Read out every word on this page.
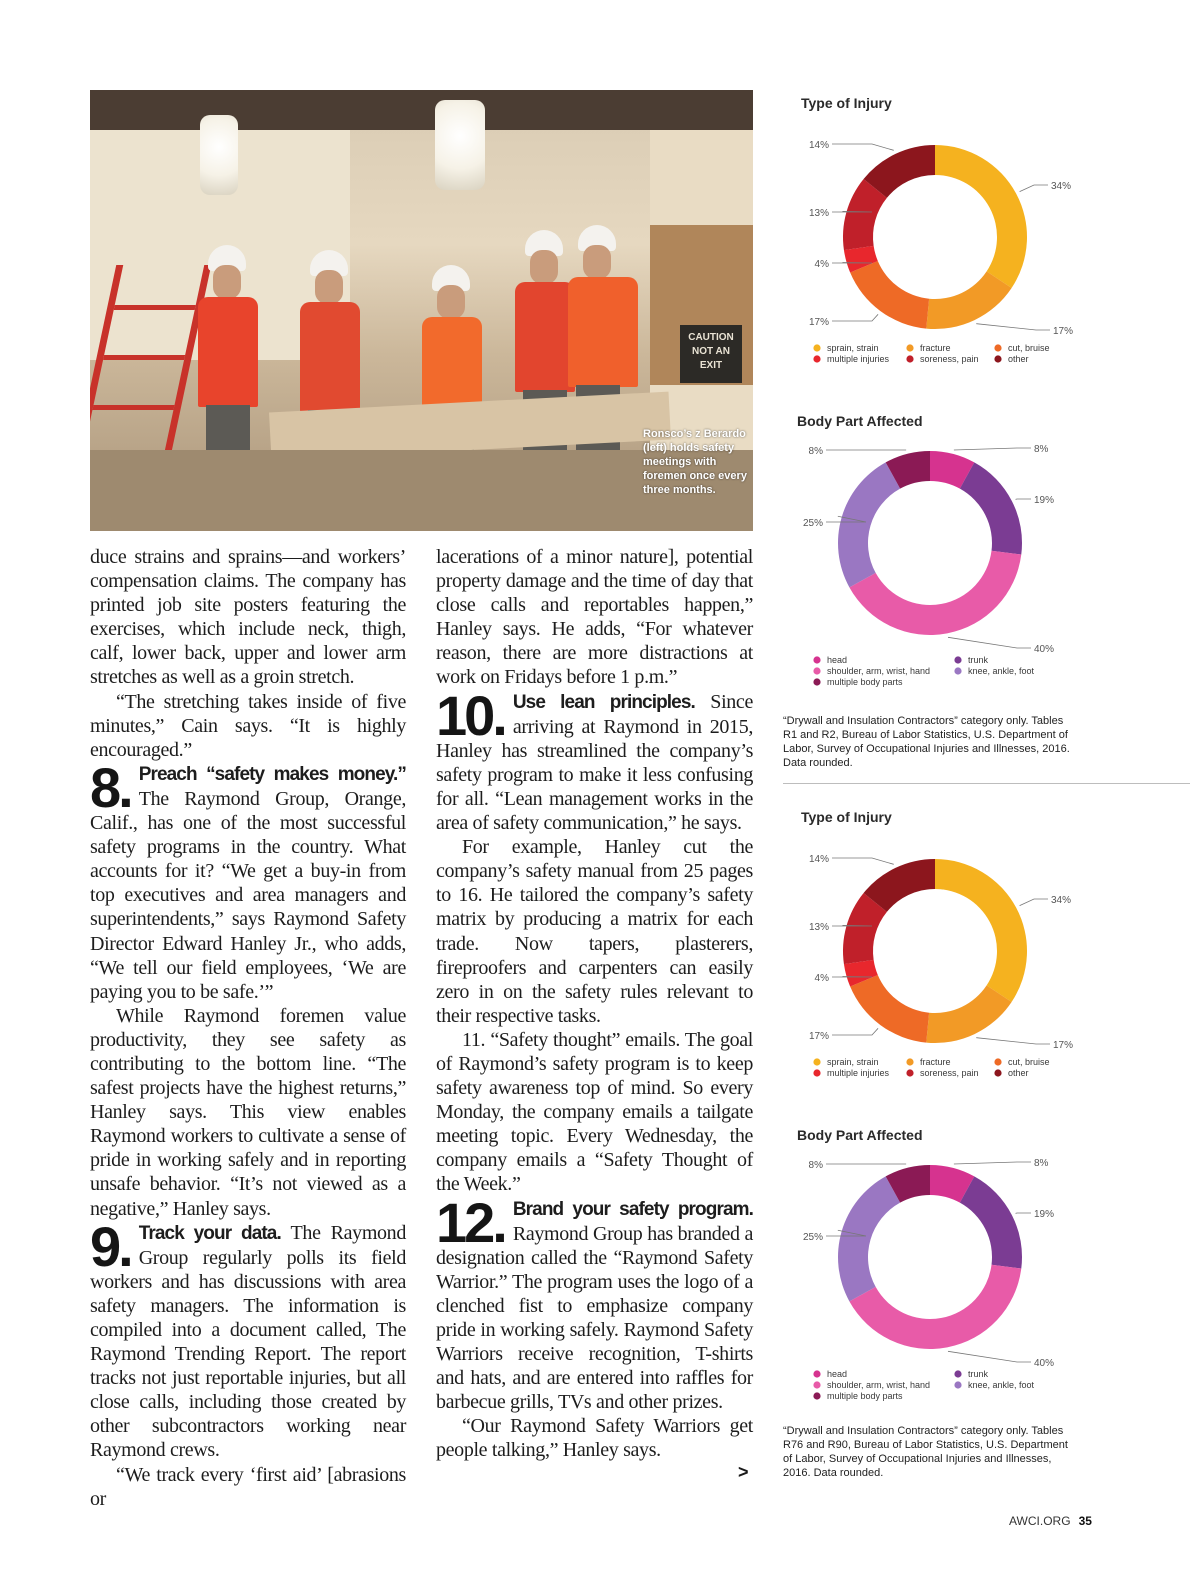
CAUTION
NOT AN
EXIT
Ronsco’s z Berardo (left) holds safety meetings with foremen once every three months.

duce strains and sprains—and workers’ compensation claims. The company has printed job site posters featuring the exercises, which include neck, thigh, calf, lower back, upper and lower arm stretches as well as a groin stretch.

“The stretching takes inside of five minutes,” Cain says. “It is highly encouraged.”

8. Preach “safety makes money.” The Raymond Group, Orange, Calif., has one of the most successful safety programs in the country. What accounts for it? “We get a buy-in from top executives and area managers and superintendents,” says Raymond Safety Director Edward Hanley Jr., who adds, “We tell our field employees, ‘We are paying you to be safe.’”

While Raymond foremen value productivity, they see safety as contributing to the bottom line. “The safest projects have the highest returns,” Hanley says. This view enables Raymond workers to cultivate a sense of pride in working safely and in reporting unsafe behavior. “It’s not viewed as a negative,” Hanley says.

9. Track your data. The Raymond Group regularly polls its field workers and has discussions with area safety managers. The information is compiled into a document called, The Raymond Trending Report. The report tracks not just reportable injuries, but all close calls, including those created by other subcontractors working near Raymond crews.

“We track every ‘first aid’ [abrasions or

lacerations of a minor nature], potential property damage and the time of day that close calls and reportables happen,” Hanley says. He adds, “For whatever reason, there are more distractions at work on Fridays before 1 p.m.”

10. Use lean principles. Since arriving at Raymond in 2015, Hanley has streamlined the company’s safety program to make it less confusing for all. “Lean management works in the area of safety communication,” he says.

For example, Hanley cut the company’s safety manual from 25 pages to 16. He tailored the company’s safety matrix by producing a matrix for each trade. Now tapers, plasterers, fireproofers and carpenters can easily zero in on the safety rules relevant to their respective tasks.

11. “Safety thought” emails. The goal of Raymond’s safety program is to keep safety awareness top of mind. So every Monday, the company emails a tailgate meeting topic. Every Wednesday, the company emails a “Safety Thought of the Week.”

12. Brand your safety program. Raymond Group has branded a designation called the “Raymond Safety Warrior.” The program uses the logo of a clenched fist to emphasize company pride in working safely. Raymond Safety Warriors receive recognition, T-shirts and hats, and are entered into raffles for barbecue grills, TVs and other prizes.

“Our Raymond Safety Warriors get people talking,” Hanley says.

>
Type of Injury
34%
17%
17%
4%
13%
14%
sprain, strain	fracture	cut, bruise
multiple injuries	soreness, pain	other
Body Part Affected
8%
19%
40%
25%
8%
head	trunk
shoulder, arm, wrist, hand	knee, ankle, foot
multiple body parts
Type of Injury
34%
17%
17%
4%
13%
14%
sprain, strain	fracture	cut, bruise
multiple injuries	soreness, pain	other
Body Part Affected
8%
19%
40%
25%
8%
head	trunk
shoulder, arm, wrist, hand	knee, ankle, foot
multiple body parts
“Drywall and Insulation Contractors” category only. Tables R1 and R2, Bureau of Labor Statistics, U.S. Department of Labor, Survey of Occupational Injuries and Illnesses, 2016. Data rounded.
“Drywall and Insulation Contractors” category only. Tables R76 and R90, Bureau of Labor Statistics, U.S. Department of Labor, Survey of Occupational Injuries and Illnesses, 2016. Data rounded.
AWCI.ORG 35
